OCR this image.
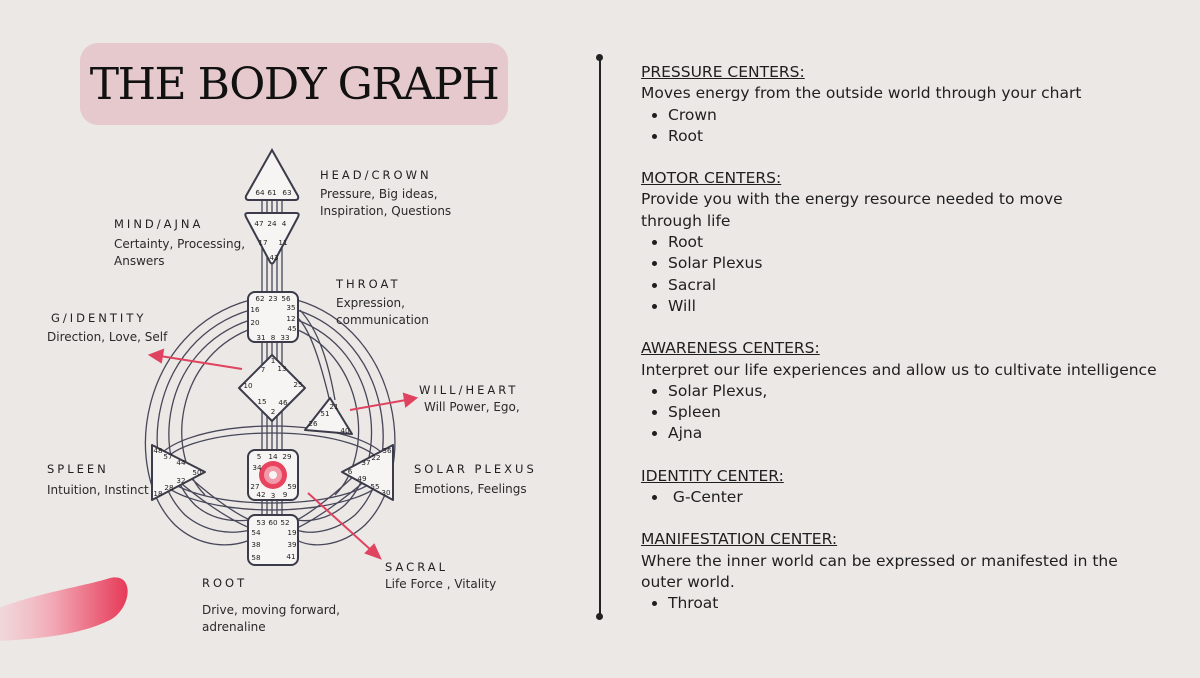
THE BODY GRAPH
64 61 63
47 24 4
17 11
43
62 23 56
16	35
20	12
45
31 8 33
1
7 13
10	25
15 46
2
21
51
26
40
48
57
44
50
32
28
18
36
22
37
6
49
55
30
5 14 29
34
27	59
42 3 9
53 60 52
54	19
38	39
58	41
HEAD/CROWN
Pressure, Big ideas, Inspiration, Questions
MIND/AJNA
Certainty, Processing, Answers
THROAT
Expression, communication
G/IDENTITY
Direction, Love, Self
WILL/HEART
Will Power, Ego,
SPLEEN
Intuition, Instinct
SOLAR PLEXUS
Emotions, Feelings
SACRAL
Life Force , Vitality
ROOT
Drive, moving forward, adrenaline
PRESSURE CENTERS:
Moves energy from the outside world through your chart
• Crown
• Root
MOTOR CENTERS:
Provide you with the energy resource needed to move through life
• Root
• Solar Plexus
• Sacral
• Will
AWARENESS CENTERS:
Interpret our life experiences and allow us to cultivate intelligence
• Solar Plexus,
• Spleen
• Ajna
IDENTITY CENTER:
•  G-Center
MANIFESTATION CENTER:
Where the inner world can be expressed or manifested in the outer world.
• Throat
